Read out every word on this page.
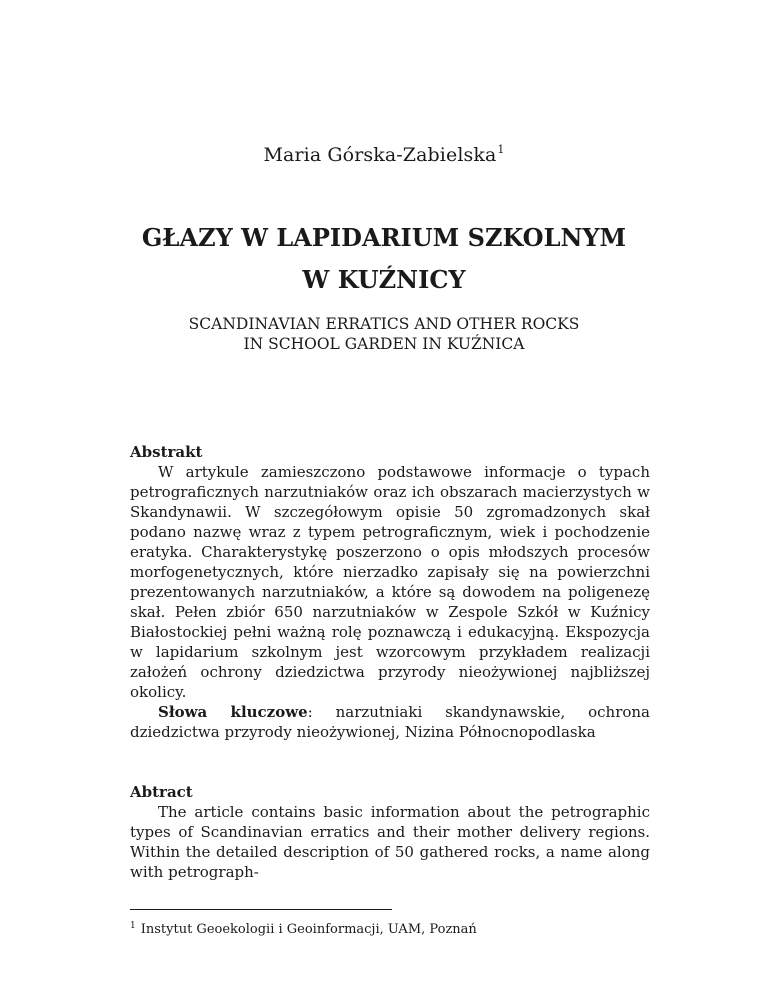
Maria Górska-Zabielska$^1$
GŁAZY W LAPIDARIUM SZKOLNYM
W KUŹNICY
SCANDINAVIAN ERRATICS AND OTHER ROCKS
IN SCHOOL GARDEN IN KUŹNICA
Abstrakt

W artykule zamieszczono podstawowe informacje o typach petrograficznych narzutniaków oraz ich obszarach macierzystych w Skandynawii. W szczegółowym opisie 50 zgromadzonych skał podano nazwę wraz z typem petrograficznym, wiek i pochodzenie eratyka. Charakterystykę poszerzono o opis młodszych procesów morfogenetycznych, które nierzadko zapisały się na powierzchni prezentowanych narzutniaków, a które są dowodem na poligenezę skał. Pełen zbiór 650 narzutniaków w Zespole Szkół w Kuźnicy Białostockiej pełni ważną rolę poznawczą i edukacyjną. Ekspozycja w lapidarium szkolnym jest wzorcowym przykładem realizacji założeń ochrony dziedzictwa przyrody nieożywionej najbliższej okolicy.

Słowa kluczowe: narzutniaki skandynawskie, ochrona dziedzictwa przyrody nieożywionej, Nizina Północnopodlaska

Abtract

The article contains basic information about the petrographic types of Scandinavian erratics and their mother delivery regions. Within the detailed description of 50 gathered rocks, a name along with petrograph-

$^1$ Instytut Geoekologii i Geoinformacji, UAM, Poznań
